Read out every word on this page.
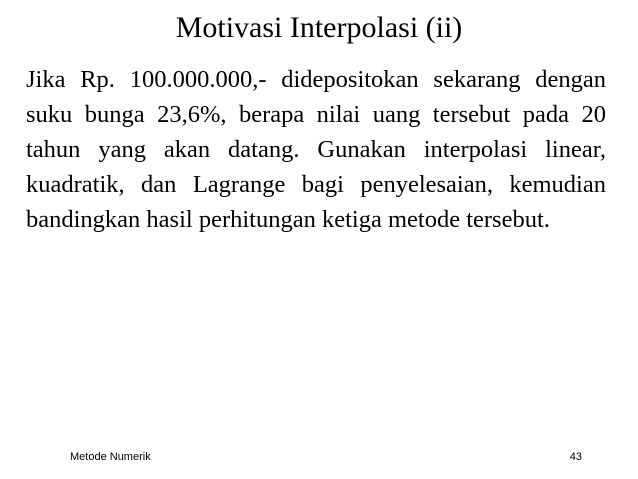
Motivasi Interpolasi (ii)

Jika Rp. 100.000.000,- didepositokan sekarang dengan suku bunga 23,6%, berapa nilai uang tersebut pada 20 tahun yang akan datang. Gunakan interpolasi linear, kuadratik, dan Lagrange bagi penyelesaian, kemudian bandingkan hasil perhitungan ketiga metode tersebut.

Metode Numerik	43
